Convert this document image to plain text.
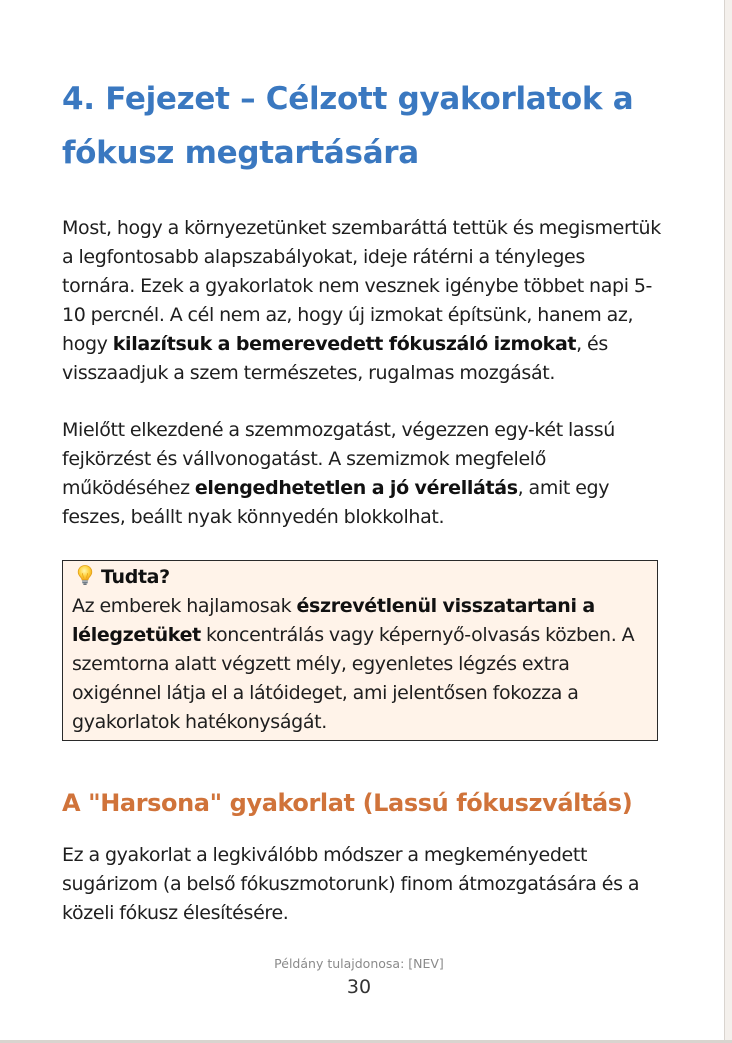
4. Fejezet – Célzott gyakorlatok a fókusz megtartására

Most, hogy a környezetünket szembaráttá tettük és megismertük a legfontosabb alapszabályokat, ideje rátérni a tényleges tornára. Ezek a gyakorlatok nem vesznek igénybe többet napi 5-10 percnél. A cél nem az, hogy új izmokat építsünk, hanem az, hogy kilazítsuk a bemerevedett fókuszáló izmokat, és visszaadjuk a szem természetes, rugalmas mozgását.

Mielőtt elkezdené a szemmozgatást, végezzen egy-két lassú fejkörzést és vállvonogatást. A szemizmok megfelelő működéséhez elengedhetetlen a jó vérellátás, amit egy feszes, beállt nyak könnyedén blokkolhat.

Tudta?
Az emberek hajlamosak észrevétlenül visszatartani a lélegzetüket koncentrálás vagy képernyő-olvasás közben. A szemtorna alatt végzett mély, egyenletes légzés extra oxigénnel látja el a látóideget, ami jelentősen fokozza a gyakorlatok hatékonyságát.
A "Harsona" gyakorlat (Lassú fókuszváltás)

Ez a gyakorlat a legkiválóbb módszer a megkeményedett sugárizom (a belső fókuszmotorunk) finom átmozgatására és a közeli fókusz élesítésére.

Példány tulajdonosa: [NEV]
30
